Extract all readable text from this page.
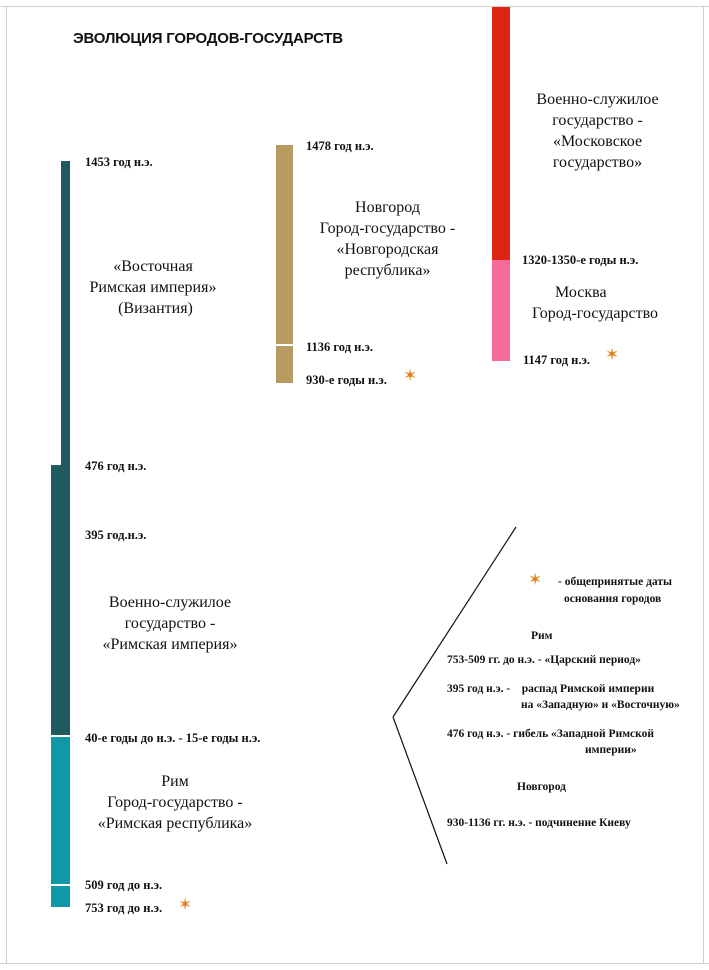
ЭВОЛЮЦИЯ ГОРОДОВ-ГОСУДАРСТВ
1453 год н.э.
«Восточная
Римская империя»
(Византия)
476 год н.э.
395 год.н.э.
Военно-служилое
государство -
«Римская империя»
40-е годы до н.э. - 15-е годы н.э.
Рим
Город-государство -
«Римская республика»
509 год до н.э.
753 год до н.э. ✶
1478 год н.э.
Новгород
Город-государство -
«Новгородская
республика»
1136 год н.э.
930-е годы н.э. ✶
Военно-служилое
государство -
«Московское
государство»
1320-1350-е годы н.э.
Москва
Город-государство
1147 год н.э. ✶
✶ - общепринятые даты
основания городов
Рим
753-509 гг. до н.э. - «Царский период»
395 год н.э. -    распад Римской империи
на «Западную» и «Восточную»
476 год н.э. - гибель «Западной Римской
империи»
Новгород
930-1136 гг. н.э. - подчинение Киеву
